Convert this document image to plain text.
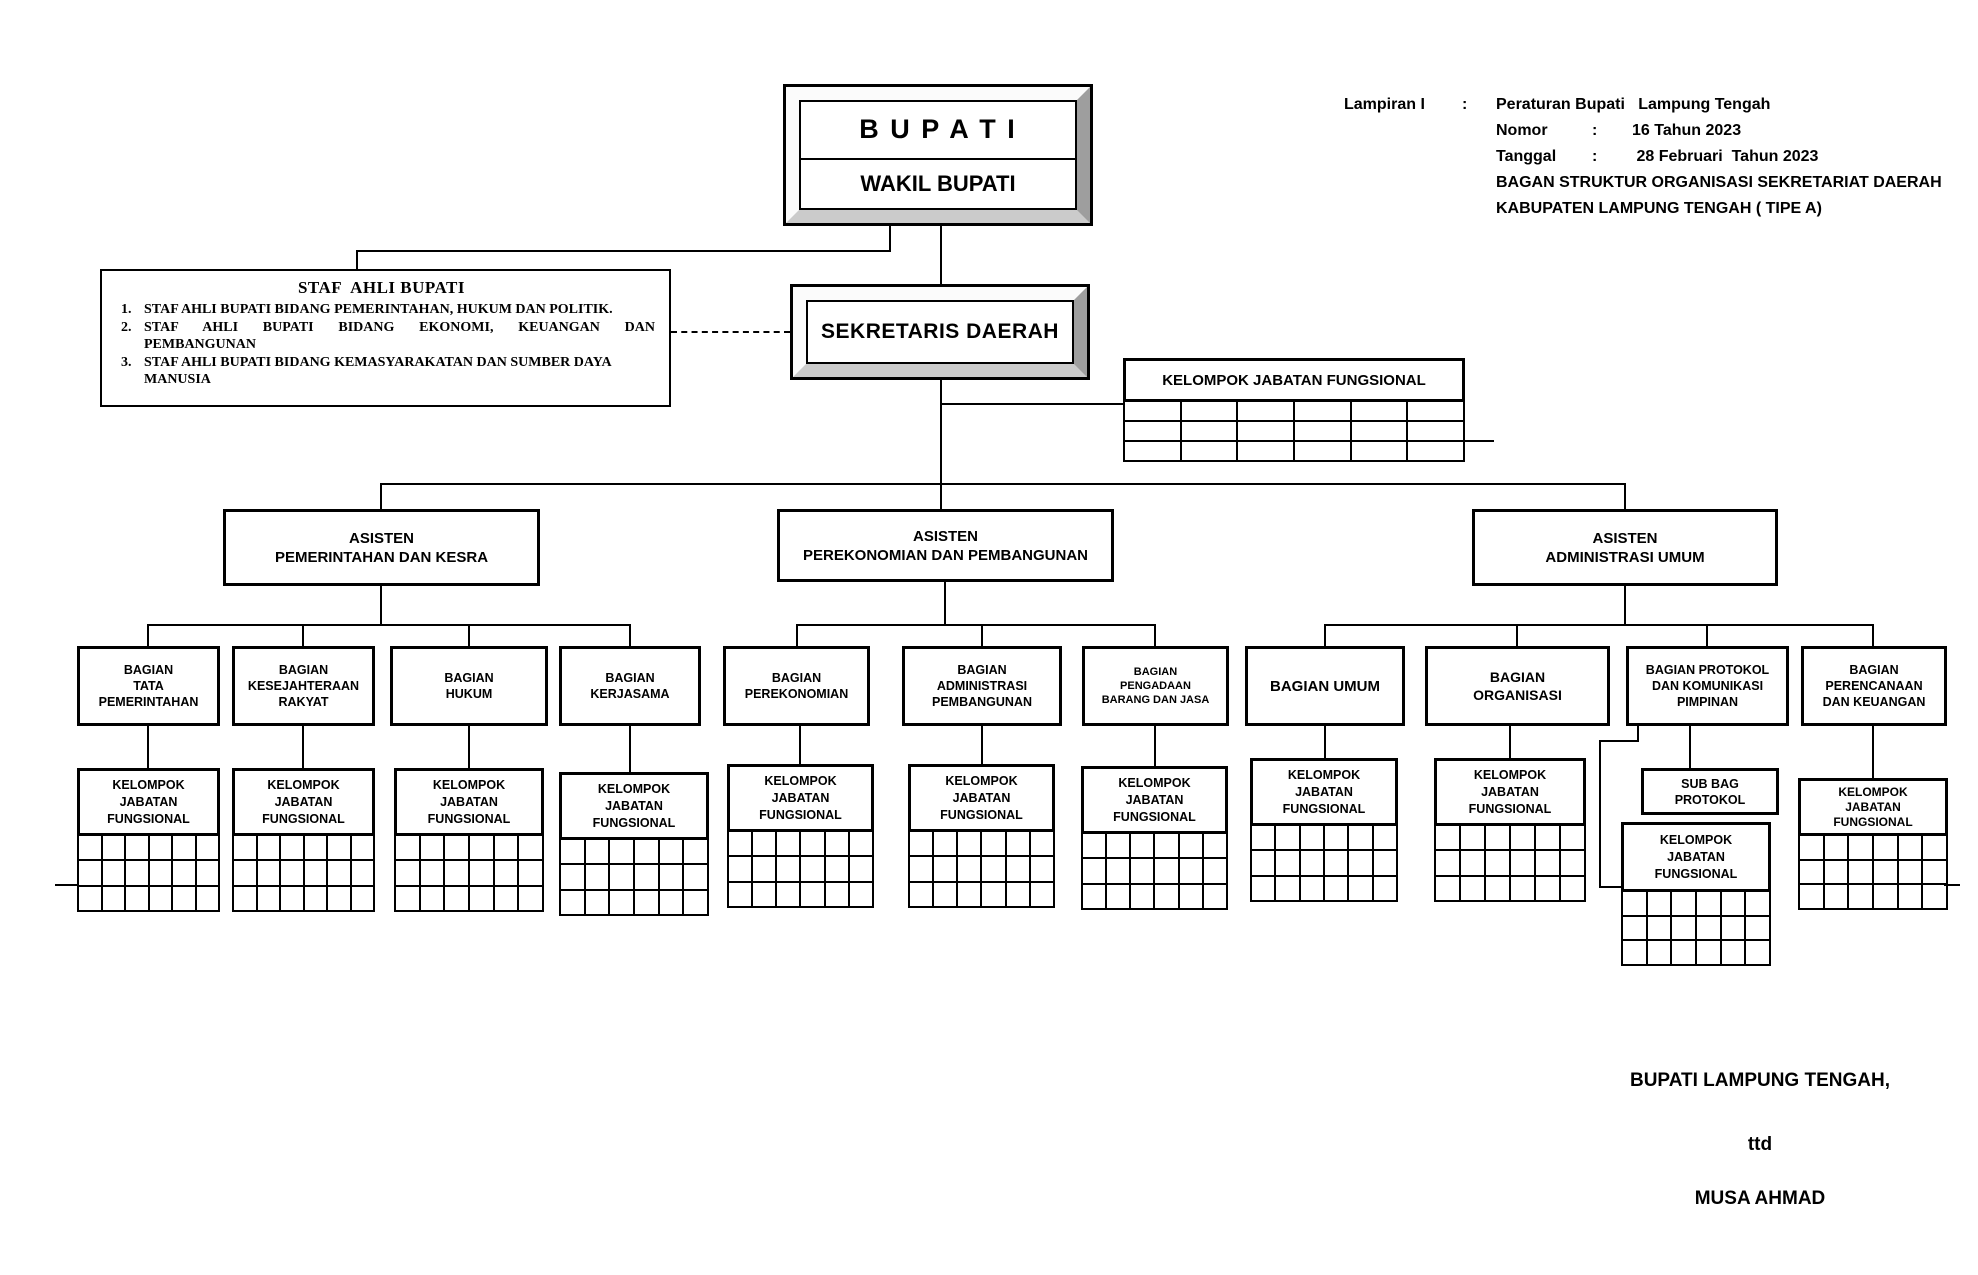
Lampiran I	:	Peraturan Bupati   Lampung Tengah
Nomor	:	16 Tahun 2023
Tanggal	:	28 Februari  Tahun 2023
BAGAN STRUKTUR ORGANISASI SEKRETARIAT DAERAH
KABUPATEN LAMPUNG TENGAH ( TIPE A)
B U P A T I
WAKIL BUPATI
STAF  AHLI BUPATI
1. STAF AHLI BUPATI BIDANG PEMERINTAHAN, HUKUM DAN POLITIK.
2. STAF AHLI BUPATI BIDANG EKONOMI, KEUANGAN DAN
PEMBANGUNAN
3. STAF AHLI BUPATI BIDANG KEMASYARAKATAN DAN SUMBER DAYA
MANUSIA
SEKRETARIS DAERAH
KELOMPOK JABATAN FUNGSIONAL
ASISTEN
PEMERINTAHAN DAN KESRA
ASISTEN
PEREKONOMIAN DAN PEMBANGUNAN
ASISTEN
ADMINISTRASI UMUM
BAGIAN
TATA
PEMERINTAHAN
BAGIAN
KESEJAHTERAAN
RAKYAT
BAGIAN
HUKUM
BAGIAN
KERJASAMA
BAGIAN
PEREKONOMIAN
BAGIAN
ADMINISTRASI
PEMBANGUNAN
BAGIAN
PENGADAAN
BARANG DAN JASA
BAGIAN UMUM
BAGIAN
ORGANISASI
BAGIAN PROTOKOL
DAN KOMUNIKASI
PIMPINAN
BAGIAN
PERENCANAAN
DAN KEUANGAN
SUB BAG
PROTOKOL
KELOMPOK
JABATAN
FUNGSIONAL
KELOMPOK
JABATAN
FUNGSIONAL
KELOMPOK
JABATAN
FUNGSIONAL
KELOMPOK
JABATAN
FUNGSIONAL
KELOMPOK
JABATAN
FUNGSIONAL
KELOMPOK
JABATAN
FUNGSIONAL
KELOMPOK
JABATAN
FUNGSIONAL
KELOMPOK
JABATAN
FUNGSIONAL
KELOMPOK
JABATAN
FUNGSIONAL
KELOMPOK
JABATAN
FUNGSIONAL
KELOMPOK
JABATAN
FUNGSIONAL
BUPATI LAMPUNG TENGAH,
ttd
MUSA AHMAD
